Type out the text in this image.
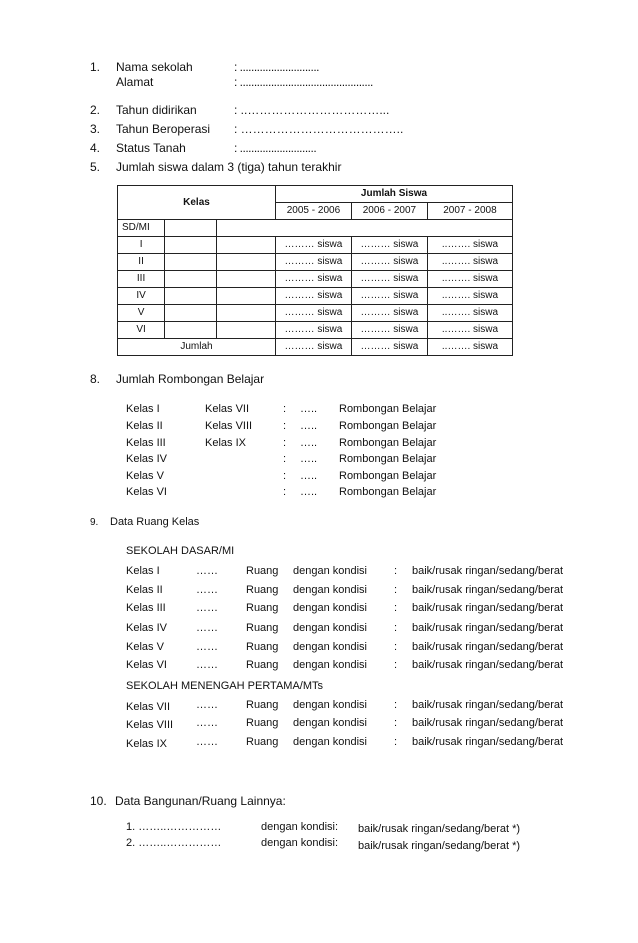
1. Nama sekolah	: ............................
Alamat	: ...............................................
2. Tahun didirikan	: ..……………………………...
3. Tahun Beroperasi : …………………………………..
4. Status Tanah	: ...........................
5. Jumlah siswa dalam 3 (tiga) tahun terakhir
Kelas			Jumlah Siswa		
			2005 - 2006	2006 - 2007	2007 - 2008
SD/MI					
I			……… siswa	……… siswa	..……. siswa
II			……… siswa	……… siswa	..……. siswa
III			……… siswa	……… siswa	..……. siswa
IV			……… siswa	……… siswa	..……. siswa
V			……… siswa	……… siswa	..……. siswa
VI			……… siswa	……… siswa	..……. siswa
Jumlah			……… siswa	……… siswa	..……. siswa
8. Jumlah Rombongan Belajar
Kelas I	Kelas VII	: ….. Rombongan Belajar
Kelas II	Kelas VIII	: ….. Rombongan Belajar
Kelas III	Kelas IX	: ….. Rombongan Belajar
Kelas IV	: ….. Rombongan Belajar
Kelas V	: ….. Rombongan Belajar
Kelas VI	: ….. Rombongan Belajar
9. Data Ruang Kelas
SEKOLAH DASAR/MI
Kelas I	……	Ruang dengan kondisi : baik/rusak ringan/sedang/berat
Kelas II	……	Ruang dengan kondisi : baik/rusak ringan/sedang/berat
Kelas III	……	Ruang dengan kondisi : baik/rusak ringan/sedang/berat
Kelas IV	……	Ruang dengan kondisi : baik/rusak ringan/sedang/berat
Kelas V	……	Ruang dengan kondisi : baik/rusak ringan/sedang/berat
Kelas VI	……	Ruang dengan kondisi : baik/rusak ringan/sedang/berat
SEKOLAH MENENGAH PERTAMA/MTs
Kelas VII ……	Ruang dengan kondisi : baik/rusak ringan/sedang/berat
Kelas VIII ……	Ruang dengan kondisi : baik/rusak ringan/sedang/berat
Kelas IX	……	Ruang dengan kondisi : baik/rusak ringan/sedang/berat
10. Data Bangunan/Ruang Lainnya:
1. ……..……………	dengan kondisi: baik/rusak ringan/sedang/berat *)
2. ……..……………	dengan kondisi: baik/rusak ringan/sedang/berat *)
